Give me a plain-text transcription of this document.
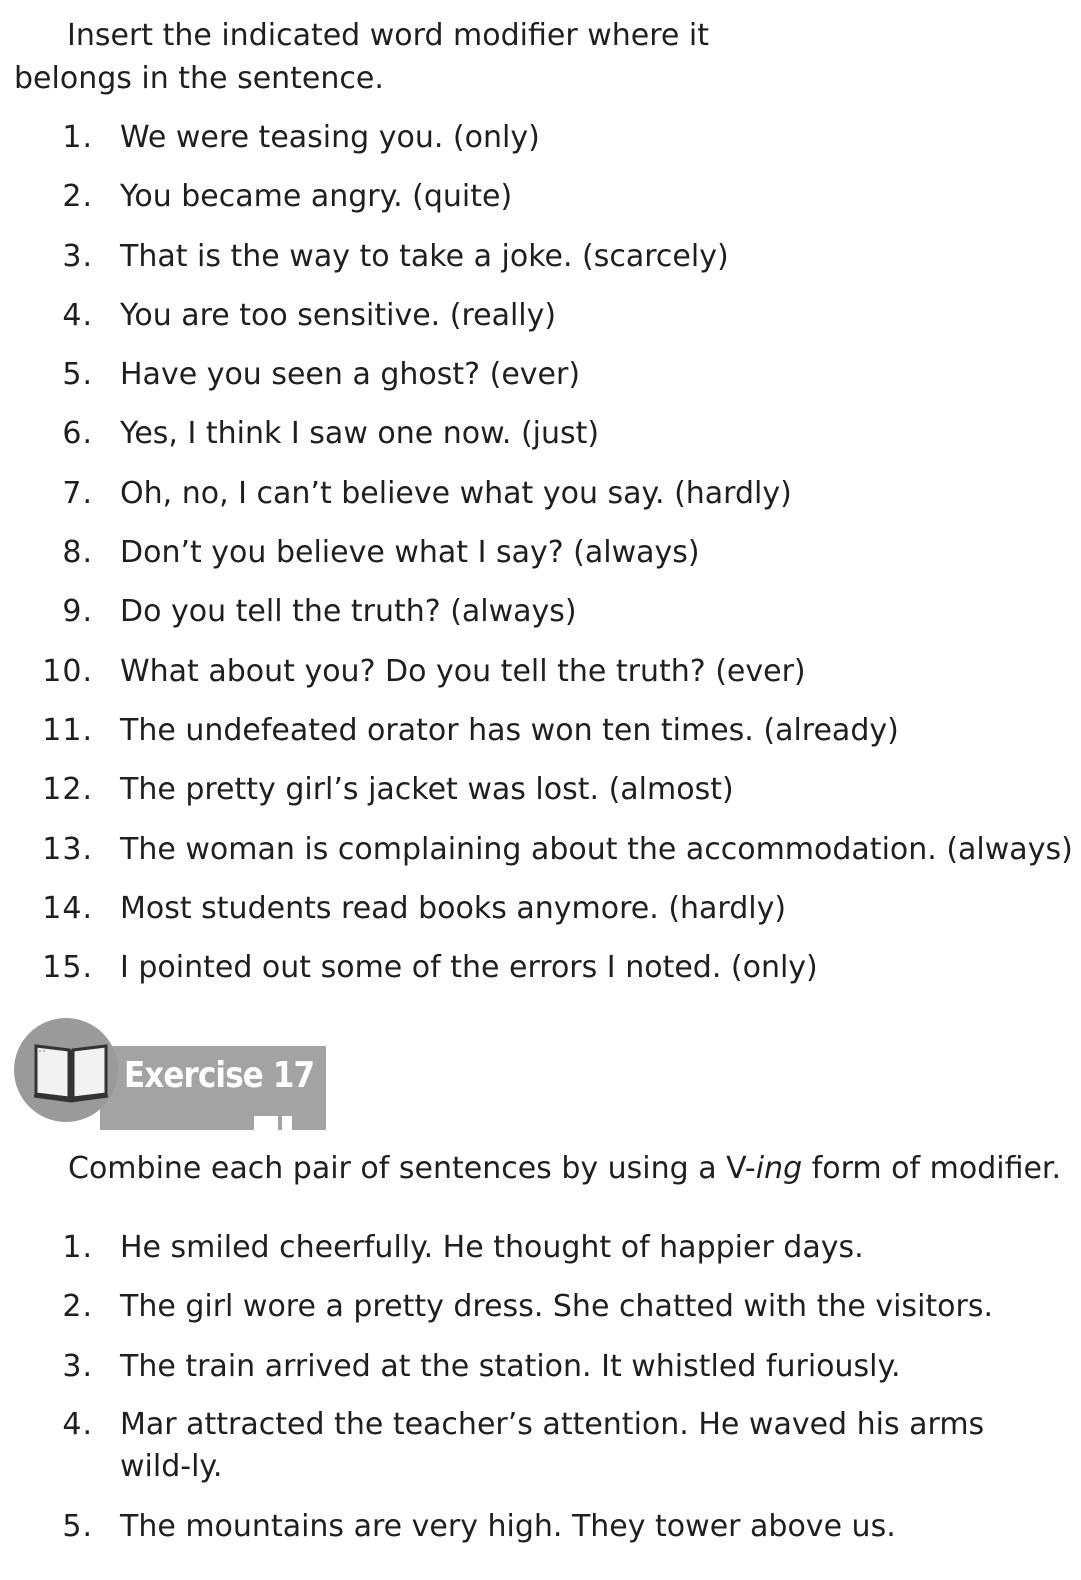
Insert the indicated word modifier where it belongs in the sentence.

1. We were teasing you. (only)
2. You became angry. (quite)
3. That is the way to take a joke. (scarcely)
4. You are too sensitive. (really)
5. Have you seen a ghost? (ever)
6. Yes, I think I saw one now. (just)
7. Oh, no, I can’t believe what you say. (hardly)
8. Don’t you believe what I say? (always)
9. Do you tell the truth? (always)
10. What about you? Do you tell the truth? (ever)
11. The undefeated orator has won ten times. (already)
12. The pretty girl’s jacket was lost. (almost)
13. The woman is complaining about the accommodation. (always)
14. Most students read books anymore. (hardly)
15. I pointed out some of the errors I noted. (only)
Exercise 17

Combine each pair of sentences by using a V-ing form of modifier.

1. He smiled cheerfully. He thought of happier days.
2. The girl wore a pretty dress. She chatted with the visitors.
3. The train arrived at the station. It whistled furiously.
4. Mar attracted the teacher’s attention. He waved his arms wild-ly.
5. The mountains are very high. They tower above us.
